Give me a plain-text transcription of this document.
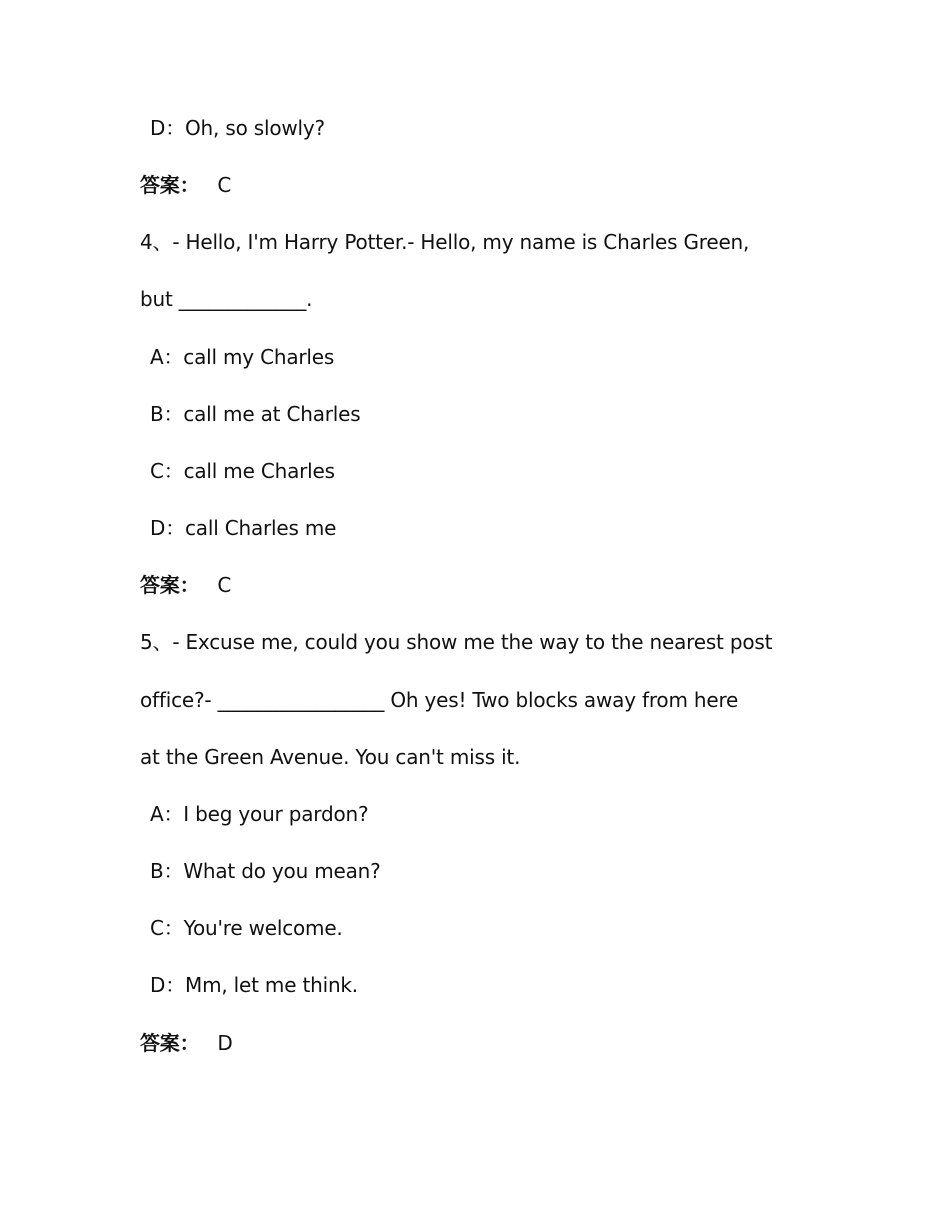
D：Oh, so slowly?
答案： C
4、- Hello, I'm Harry Potter.- Hello, my name is Charles Green,
but _____________.
A：call my Charles
B：call me at Charles
C：call me Charles
D：call Charles me
答案： C
5、- Excuse me, could you show me the way to the nearest post
office?- _________________ Oh yes! Two blocks away from here
at the Green Avenue. You can't miss it.
A：I beg your pardon?
B：What do you mean?
C：You're welcome.
D：Mm, let me think.
答案： D
